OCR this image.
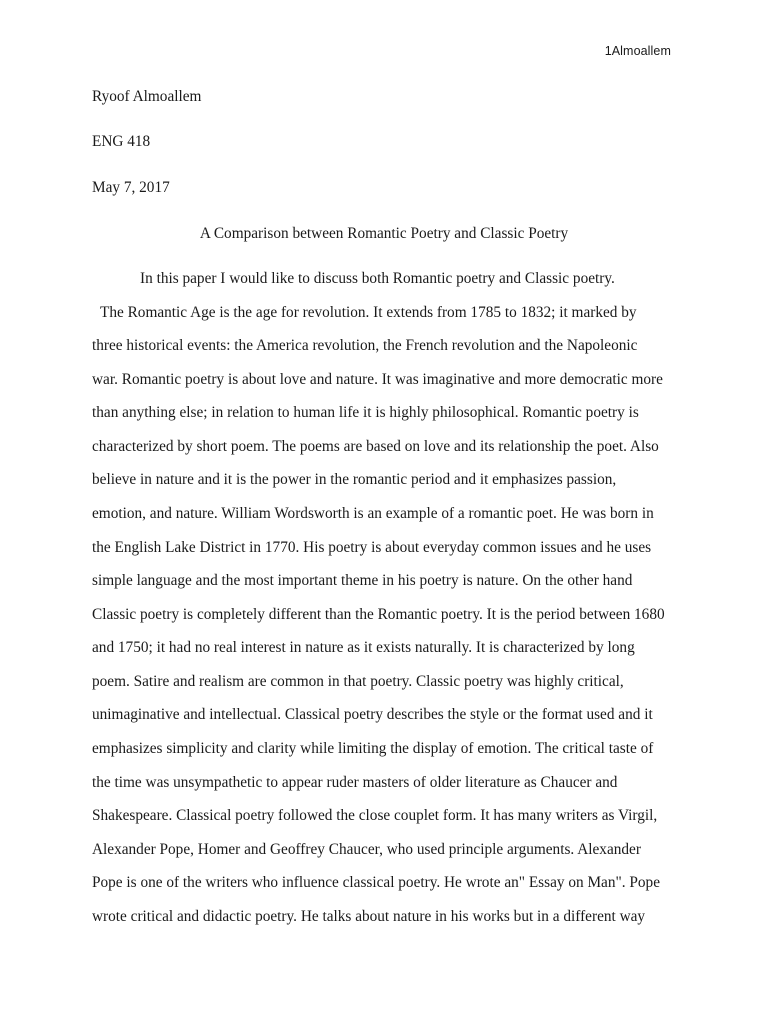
1Almoallem
Ryoof Almoallem
ENG 418
May 7, 2017
A Comparison between Romantic Poetry and Classic Poetry
In this paper I would like to discuss both Romantic poetry and Classic poetry.
The Romantic Age is the age for revolution. It extends from 1785 to 1832; it marked by
three historical events: the America revolution, the French revolution and the Napoleonic
war. Romantic poetry is about love and nature. It was imaginative and more democratic more
than anything else; in relation to human life it is highly philosophical. Romantic poetry is
characterized by short poem. The poems are based on love and its relationship the poet. Also
believe in nature and it is the power in the romantic period and it emphasizes passion,
emotion, and nature. William Wordsworth is an example of a romantic poet. He was born in
the English Lake District in 1770. His poetry is about everyday common issues and he uses
simple language and the most important theme in his poetry is nature. On the other hand
Classic poetry is completely different than the Romantic poetry. It is the period between 1680
and 1750; it had no real interest in nature as it exists naturally. It is characterized by long
poem. Satire and realism are common in that poetry. Classic poetry was highly critical,
unimaginative and intellectual. Classical poetry describes the style or the format used and it
emphasizes simplicity and clarity while limiting the display of emotion. The critical taste of
the time was unsympathetic to appear ruder masters of older literature as Chaucer and
Shakespeare. Classical poetry followed the close couplet form. It has many writers as Virgil,
Alexander Pope, Homer and Geoffrey Chaucer, who used principle arguments. Alexander
Pope is one of the writers who influence classical poetry. He wrote an" Essay on Man". Pope
wrote critical and didactic poetry. He talks about nature in his works but in a different way
